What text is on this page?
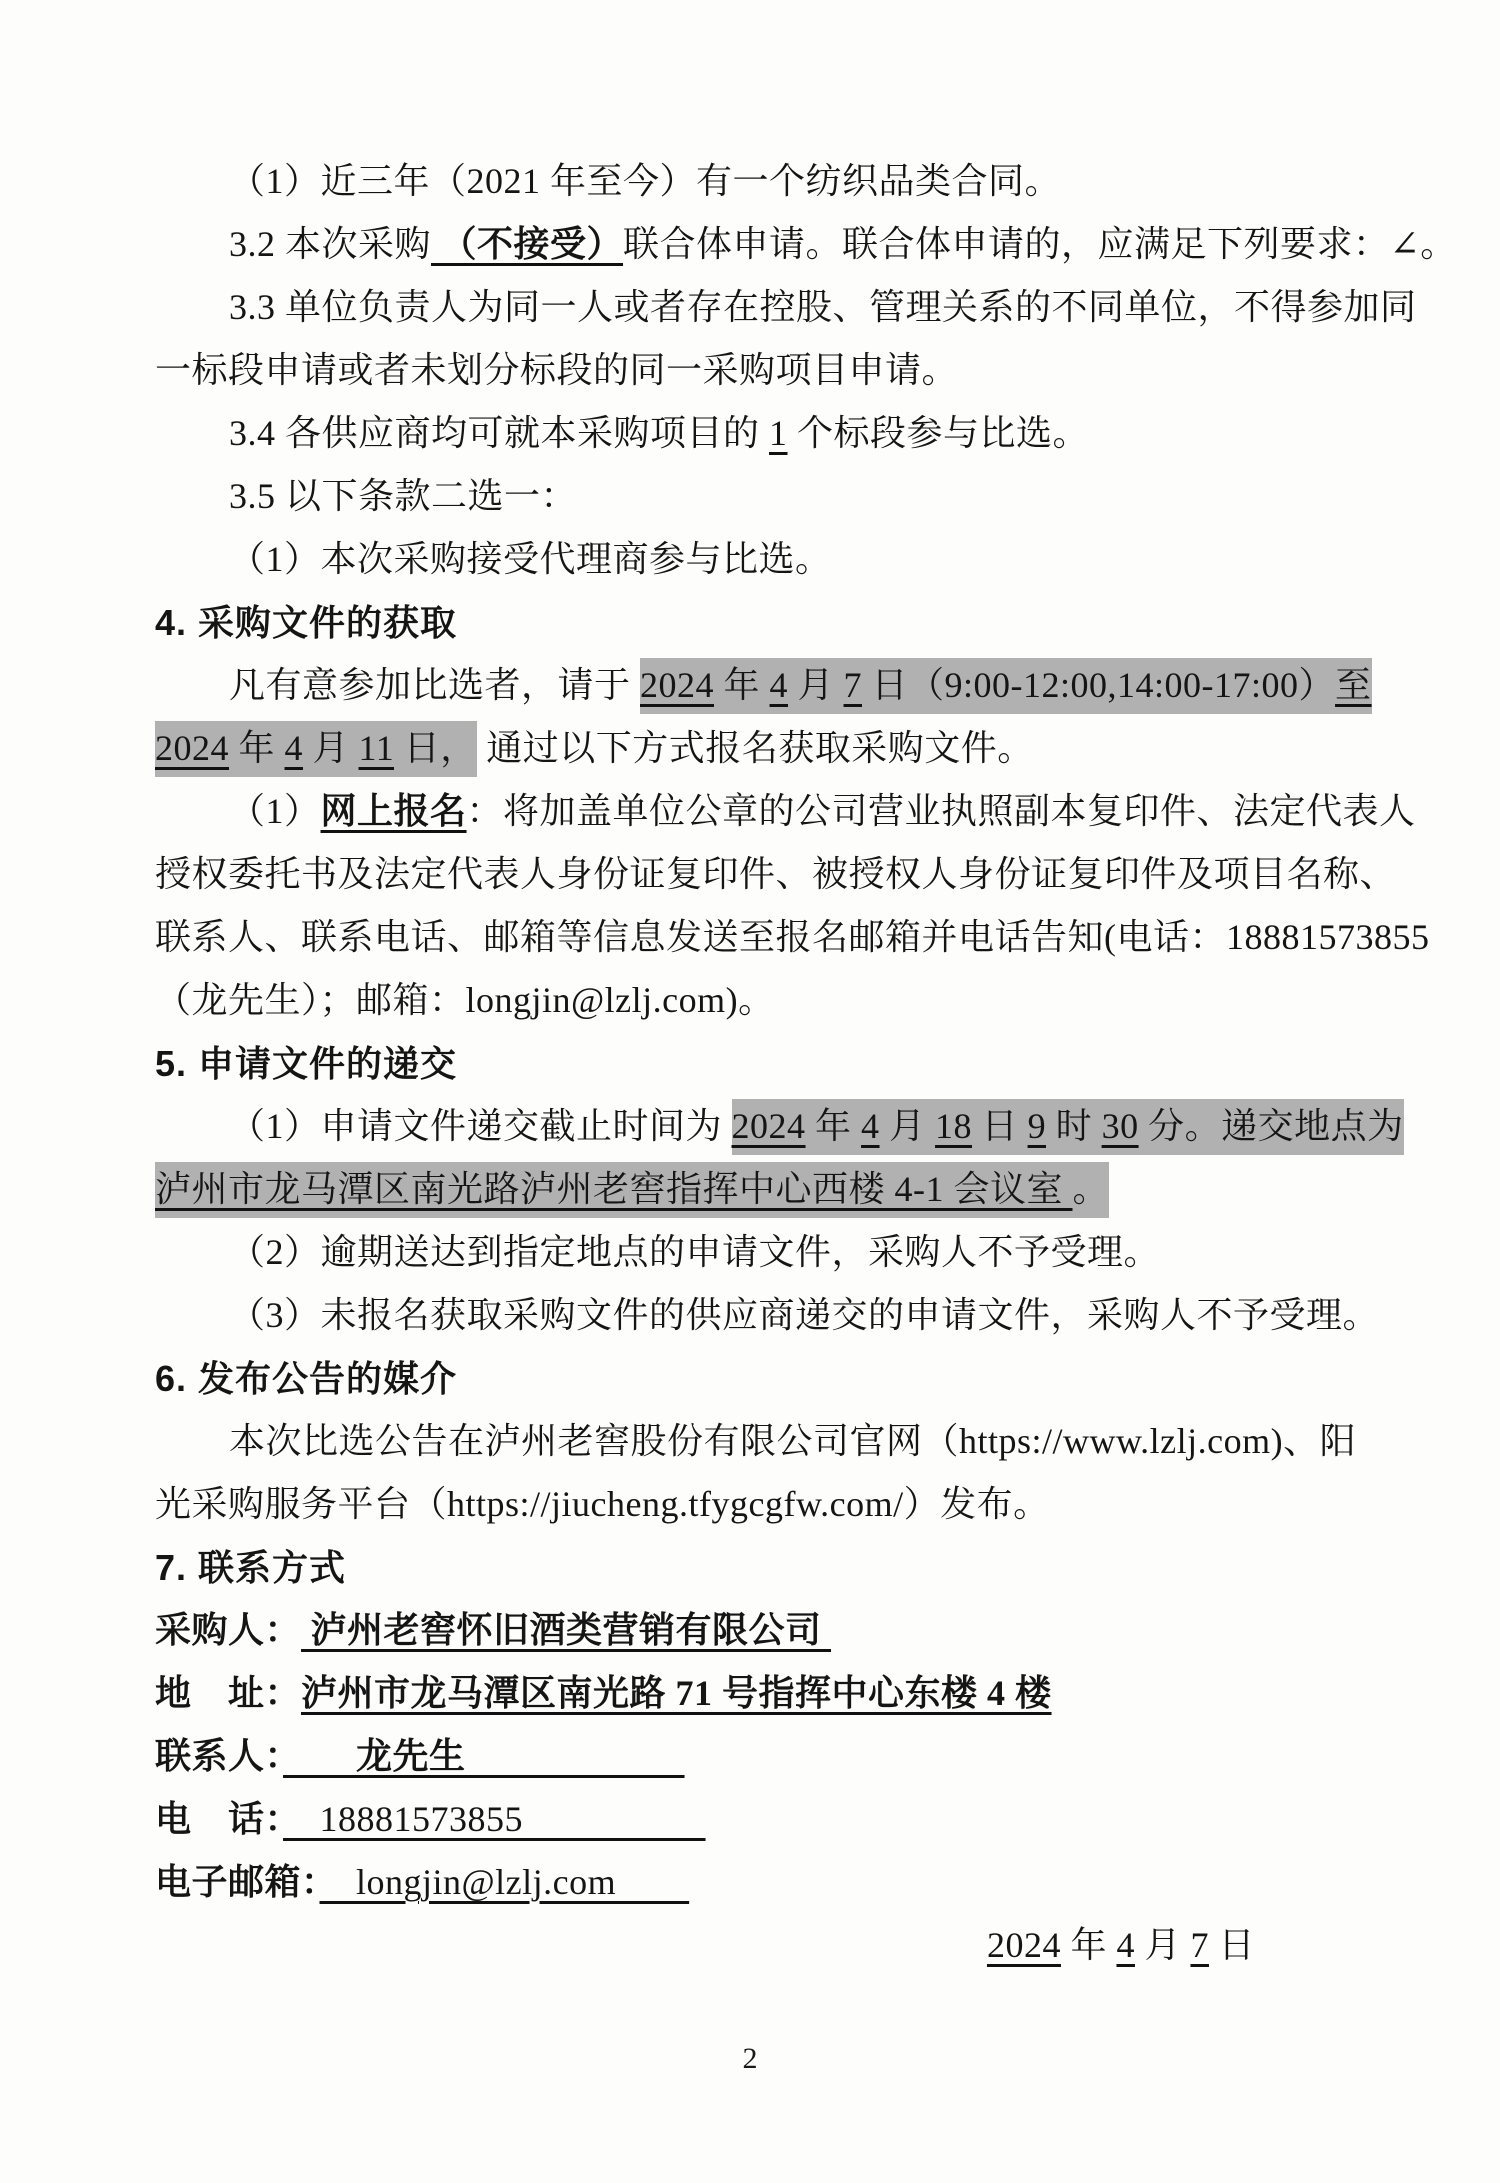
（1）近三年（2021 年至今）有一个纺织品类合同。
3.2 本次采购 （不接受）联合体申请。联合体申请的，应满足下列要求：∠。
3.3 单位负责人为同一人或者存在控股、管理关系的不同单位，不得参加同
一标段申请或者未划分标段的同一采购项目申请。
3.4 各供应商均可就本采购项目的 1 个标段参与比选。
3.5 以下条款二选一：
（1）本次采购接受代理商参与比选。
4. 采购文件的获取
凡有意参加比选者，请于 2024 年 4 月 7 日（9:00-12:00,14:00-17:00）至
2024 年 4 月 11 日， 通过以下方式报名获取采购文件。
（1）网上报名：将加盖单位公章的公司营业执照副本复印件、法定代表人
授权委托书及法定代表人身份证复印件、被授权人身份证复印件及项目名称、
联系人、联系电话、邮箱等信息发送至报名邮箱并电话告知(电话：18881573855
（龙先生）；邮箱：longjin@lzlj.com)。
5. 申请文件的递交
（1）申请文件递交截止时间为 2024 年 4 月 18 日 9 时 30 分。递交地点为
泸州市龙马潭区南光路泸州老窖指挥中心西楼 4-1 会议室 。
（2）逾期送达到指定地点的申请文件，采购人不予受理。
（3）未报名获取采购文件的供应商递交的申请文件，采购人不予受理。
6. 发布公告的媒介
本次比选公告在泸州老窖股份有限公司官网（https://www.lzlj.com)、阳
光采购服务平台（https://jiucheng.tfygcgfw.com/）发布。
7. 联系方式
采购人： 泸州老窖怀旧酒类营销有限公司
地　址：泸州市龙马潭区南光路 71 号指挥中心东楼 4 楼
联系人：　　龙先生　　　　　　
电　话：　18881573855　　　　　
电子邮箱：　longjin@lzlj.com　　
2024 年 4 月 7 日
2
